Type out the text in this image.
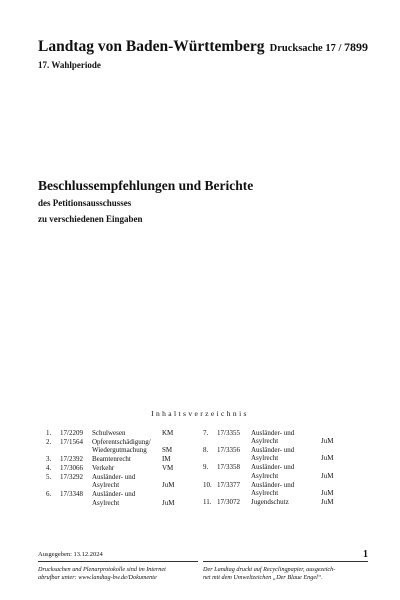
Landtag von Baden-Württemberg Drucksache 17 / 7899
17. Wahlperiode
Beschlussempfehlungen und Berichte
des Petitionsausschusses
zu verschiedenen Eingaben
Inhaltsverzeichnis
1. 17/2209 Schulwesen	KM
2. 17/1564 Opferentschädigung/
Wiedergutmachung SM
3. 17/2392 Beamtenrecht	IM
4. 17/3066 Verkehr	VM
5. 17/3292 Ausländer- und
Asylrecht	JuM
6. 17/3348 Ausländer- und
Asylrecht	JuM
7. 17/3355 Ausländer- und
Asylrecht	JuM
8. 17/3356 Ausländer- und
Asylrecht	JuM
9. 17/3358 Ausländer- und
Asylrecht	JuM
10. 17/3377 Ausländer- und
Asylrecht	JuM
11. 17/3072 Jugendschutz	JuM
Ausgegeben: 13.12.2024	1
Drucksachen und Plenarprotokolle sind im Internet
abrufbar unter: www.landtag-bw.de/Dokumente
Der Landtag druckt auf Recyclingpapier, ausgezeich-
net mit dem Umweltzeichen „Der Blaue Engel“.
